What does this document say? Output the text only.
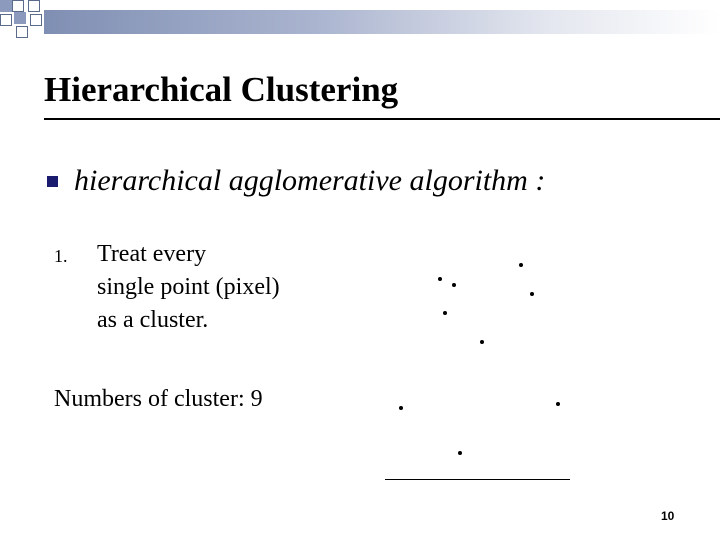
Hierarchical Clustering
hierarchical agglomerative algorithm :
1. Treat every
single point (pixel)
as a cluster.
Numbers of cluster: 9
10
